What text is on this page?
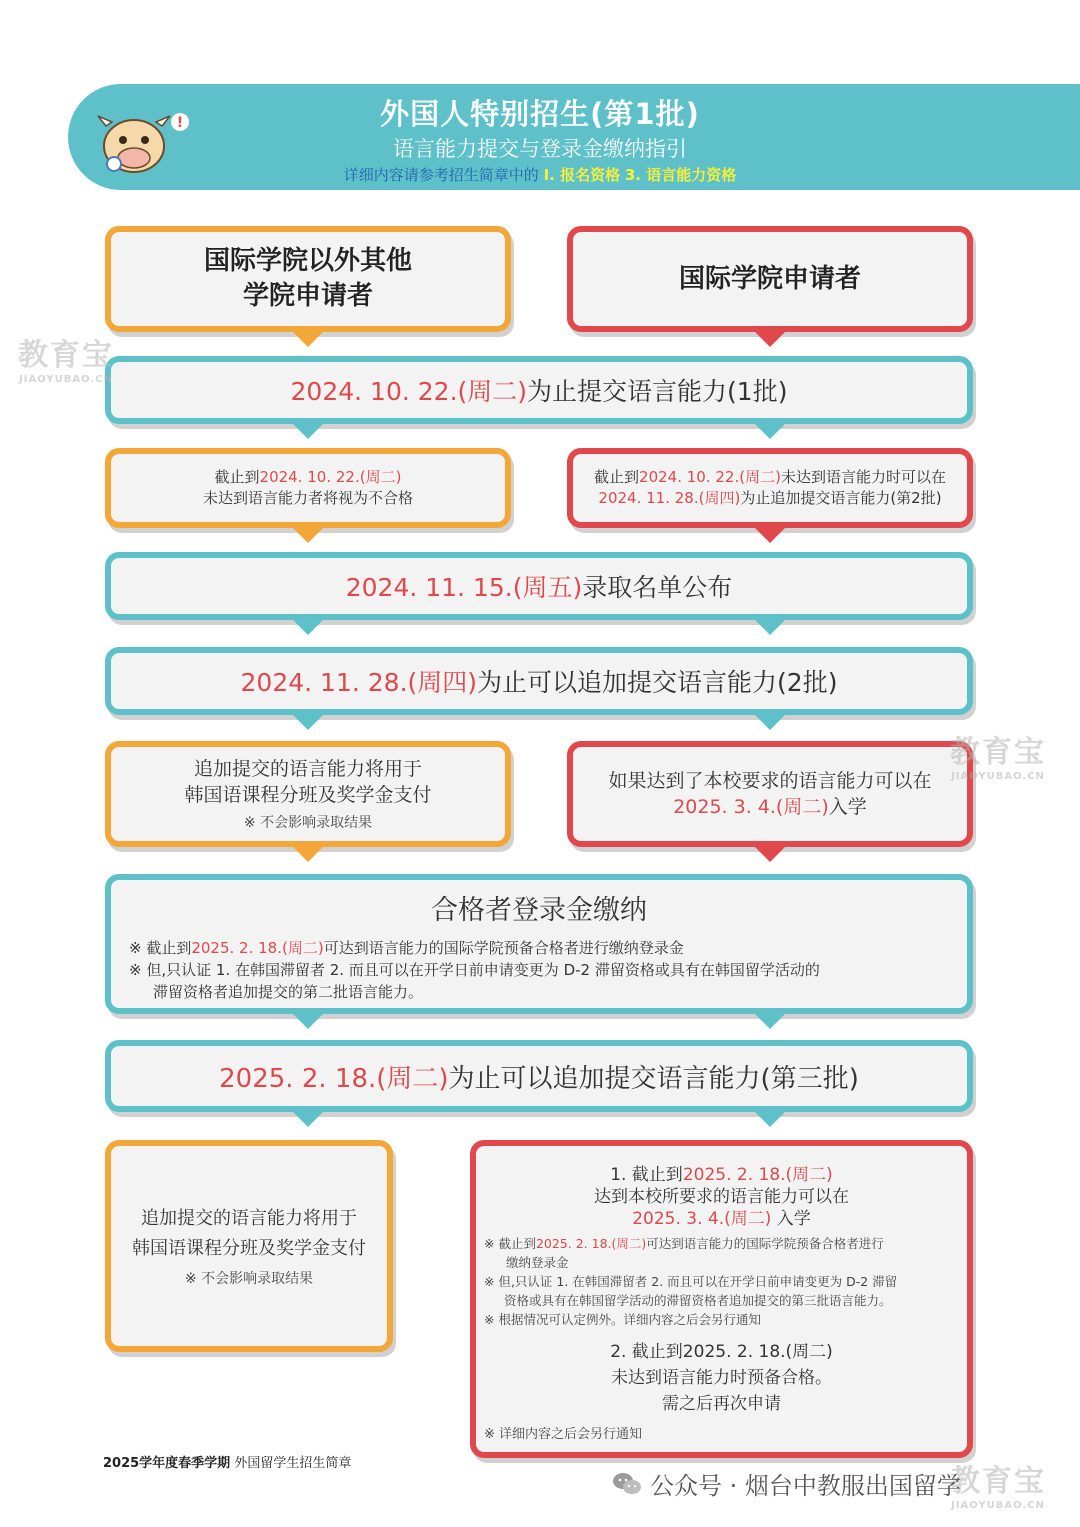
!	外国人特别招生(第1批)
语言能力提交与登录金缴纳指引
详细内容请参考招生简章中的 I. 报名资格 3. 语言能力资格
国际学院以外其他
学院申请者
国际学院申请者
2024. 10. 22.(周二)为止提交语言能力(1批)
截止到2024. 10. 22.(周二)
未达到语言能力者将视为不合格
截止到2024. 10. 22.(周二)未达到语言能力时可以在
2024. 11. 28.(周四)为止追加提交语言能力(第2批)
2024. 11. 15.(周五)录取名单公布
2024. 11. 28.(周四)为止可以追加提交语言能力(2批)
追加提交的语言能力将用于
韩国语课程分班及奖学金支付
※ 不会影响录取结果
如果达到了本校要求的语言能力可以在
2025. 3. 4.(周二)入学
合格者登录金缴纳
※ 截止到2025. 2. 18.(周二)可达到语言能力的国际学院预备合格者进行缴纳登录金
※ 但,只认证 1. 在韩国滞留者 2. 而且可以在开学日前申请变更为 D-2 滞留资格或具有在韩国留学活动的
滞留资格者追加提交的第二批语言能力。
2025. 2. 18.(周二)为止可以追加提交语言能力(第三批)
追加提交的语言能力将用于
韩国语课程分班及奖学金支付
※ 不会影响录取结果
1. 截止到2025. 2. 18.(周二)
达到本校所要求的语言能力可以在
2025. 3. 4.(周二) 入学
※ 截止到2025. 2. 18.(周二)可达到语言能力的国际学院预备合格者进行
缴纳登录金
※ 但,只认证 1. 在韩国滞留者 2. 而且可以在开学日前申请变更为 D-2 滞留
资格或具有在韩国留学活动的滞留资格者追加提交的第三批语言能力。
※ 根据情况可认定例外。详细内容之后会另行通知
2. 截止到2025. 2. 18.(周二)
未达到语言能力时预备合格。
需之后再次申请
※ 详细内容之后会另行通知
教育宝
JIAOYUBAO.CN
教育宝
JIAOYUBAO.CN
教育宝
JIAOYUBAO.CN
2025学年度春季学期 外国留学生招生简章
公众号 · 烟台中教服出国留学
